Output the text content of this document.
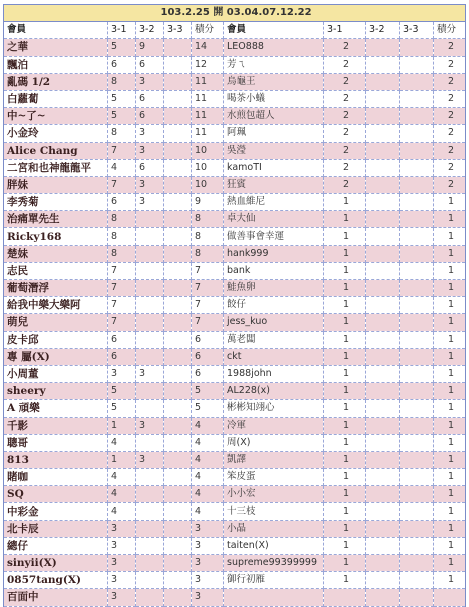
103.2.25 開 03.04.07.12.22									
會員	3-1	3-2	3-3	積分	會員	3-1	3-2	3-3	積分
之華	5	9		14	LEO888	2			2
飄泊	6	6		12	芳ㄟ	2			2
亂碼 1/2	8	3		11	烏龜王	2			2
白蘿蔔	5	6		11	喝茶小蟻	2			2
中~了~	5	6		11	水煎包超人	2			2
小金玲	8	3		11	阿珮	2			2
Alice Chang	7	3		10	吳瀅	2			2
二宮和也神龍龍平	4	6		10	kamoTI	2			2
胖妹	7	3		10	狂賓	2			2
李秀菊	6	3		9	熱血維尼	1			1
治痛單先生	8			8	卓大仙	1			1
Ricky168	8			8	做善事會幸運	1			1
楚妹	8			8	hank999	1			1
志民	7			7	bank	1			1
葡萄潛浮	7			7	鮭魚卵	1			1
給我中樂大樂阿	7			7	餃仔	1			1
萌兒	7			7	jess_kuo	1			1
皮卡邱	6			6	萬老闆	1			1
專 屬(X)	6			6	ckt	1			1
小周董	3	3		6	1988john	1			1
sheery	5			5	AL228(x)	1			1
A 頑樂	5			5	彬彬知翊心	1			1
千影	1	3		4	冷軍	1			1
聰哥	4			4	周(X)	1			1
813	1	3		4	凱譯	1			1
賭咖	4			4	笨皮蛋	1			1
SQ	4			4	小小宏	1			1
中彩金	4			4	十三枝	1			1
北卡辰	3			3	小晶	1			1
總仔	3			3	taiten(X)	1			1
sinyii(X)	3			3	supreme99399999	1			1
0857tang(X)	3			3	御行初雁	1			1
百面中	3			3					
